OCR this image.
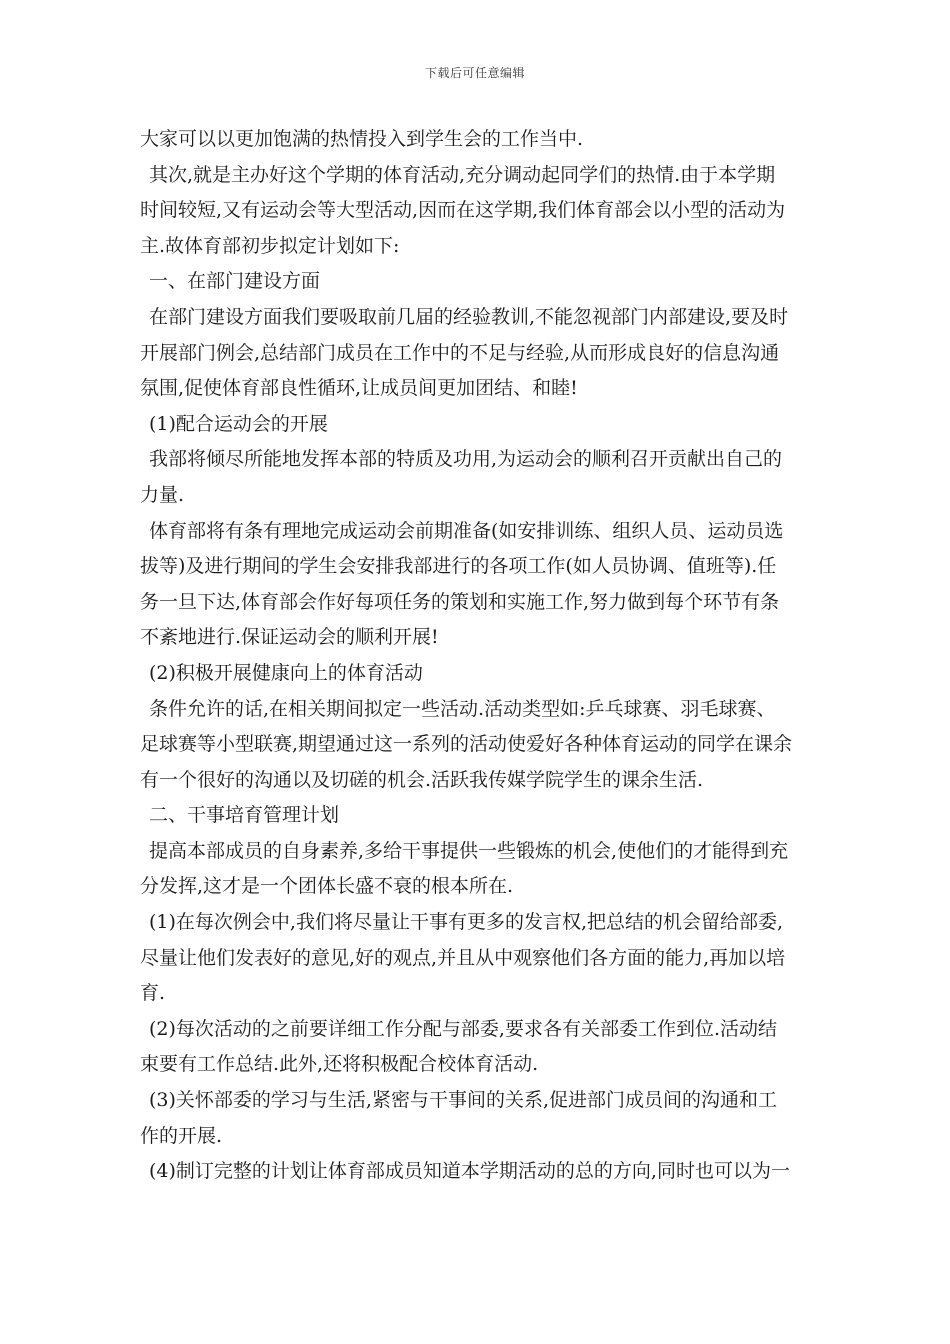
下载后可任意编辑
大家可以以更加饱满的热情投入到学生会的工作当中.
其次,就是主办好这个学期的体育活动,充分调动起同学们的热情.由于本学期
时间较短,又有运动会等大型活动,因而在这学期,我们体育部会以小型的活动为
主.故体育部初步拟定计划如下:
一、在部门建设方面
在部门建设方面我们要吸取前几届的经验教训,不能忽视部门内部建设,要及时
开展部门例会,总结部门成员在工作中的不足与经验,从而形成良好的信息沟通
氛围,促使体育部良性循环,让成员间更加团结、和睦!
(1)配合运动会的开展
我部将倾尽所能地发挥本部的特质及功用,为运动会的顺利召开贡献出自己的
力量.
体育部将有条有理地完成运动会前期准备(如安排训练、组织人员、运动员选
拔等)及进行期间的学生会安排我部进行的各项工作(如人员协调、值班等).任
务一旦下达,体育部会作好每项任务的策划和实施工作,努力做到每个环节有条
不紊地进行.保证运动会的顺利开展!
(2)积极开展健康向上的体育活动
条件允许的话,在相关期间拟定一些活动.活动类型如:乒乓球赛、羽毛球赛、
足球赛等小型联赛,期望通过这一系列的活动使爱好各种体育运动的同学在课余
有一个很好的沟通以及切磋的机会.活跃我传媒学院学生的课余生活.
二、干事培育管理计划
提高本部成员的自身素养,多给干事提供一些锻炼的机会,使他们的才能得到充
分发挥,这才是一个团体长盛不衰的根本所在.
(1)在每次例会中,我们将尽量让干事有更多的发言权,把总结的机会留给部委,
尽量让他们发表好的意见,好的观点,并且从中观察他们各方面的能力,再加以培
育.
(2)每次活动的之前要详细工作分配与部委,要求各有关部委工作到位.活动结
束要有工作总结.此外,还将积极配合校体育活动.
(3)关怀部委的学习与生活,紧密与干事间的关系,促进部门成员间的沟通和工
作的开展.
(4)制订完整的计划让体育部成员知道本学期活动的总的方向,同时也可以为一
